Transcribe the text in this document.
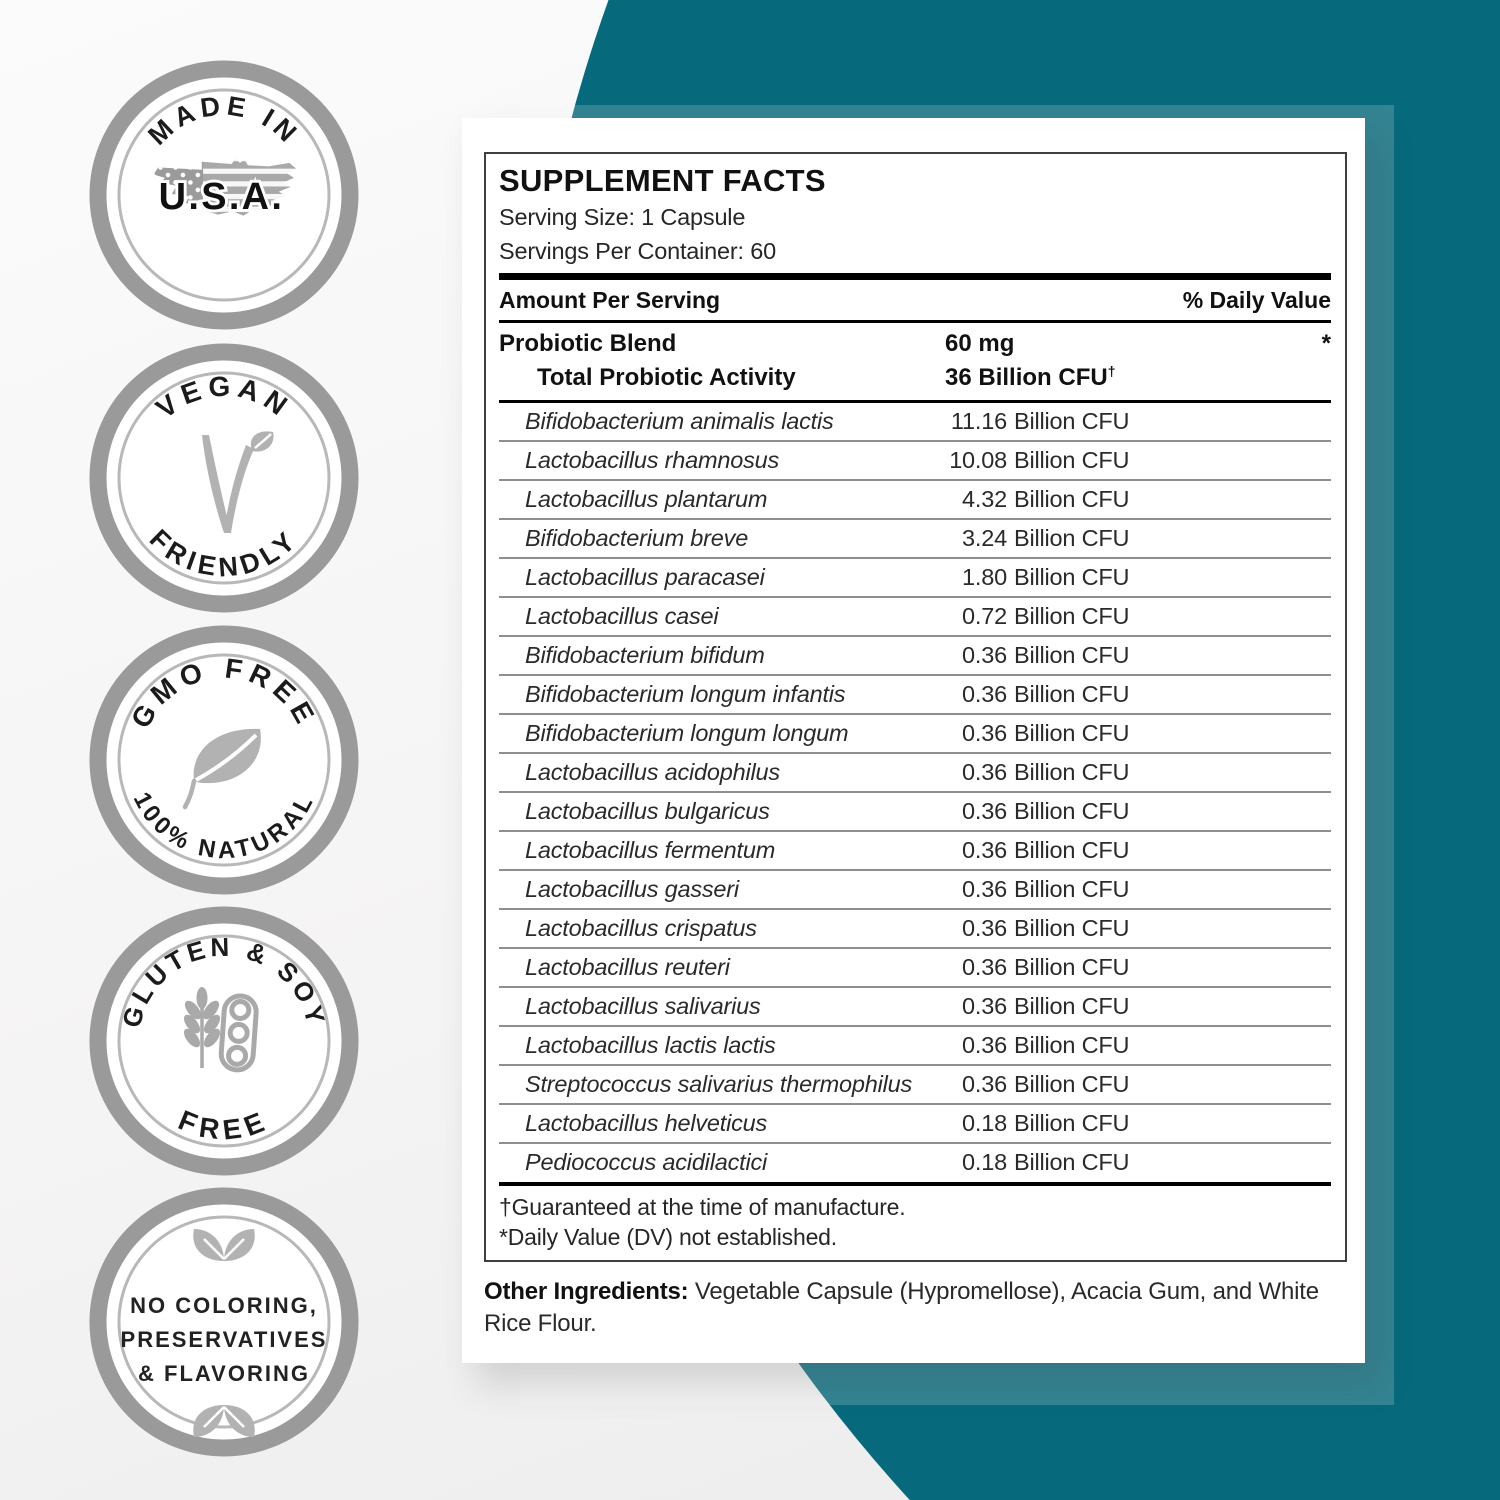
MADE IN
U.S.A.
VEGAN
FRIENDLY
GMO FREE
100% NATURAL
GLUTEN & SOY
FREE
NO COLORING,
PRESERVATIVES
& FLAVORING
SUPPLEMENT FACTS
Serving Size: 1 Capsule
Servings Per Container: 60
Amount Per Serving	% Daily Value
Probiotic Blend	60 mg	*
Total Probiotic Activity	36 Billion CFU†
Bifidobacterium animalis lactis	11.16 Billion CFU
Lactobacillus rhamnosus	10.08 Billion CFU
Lactobacillus plantarum	4.32 Billion CFU
Bifidobacterium breve	3.24 Billion CFU
Lactobacillus paracasei	1.80 Billion CFU
Lactobacillus casei	0.72 Billion CFU
Bifidobacterium bifidum	0.36 Billion CFU
Bifidobacterium longum infantis	0.36 Billion CFU
Bifidobacterium longum longum	0.36 Billion CFU
Lactobacillus acidophilus	0.36 Billion CFU
Lactobacillus bulgaricus	0.36 Billion CFU
Lactobacillus fermentum	0.36 Billion CFU
Lactobacillus gasseri	0.36 Billion CFU
Lactobacillus crispatus	0.36 Billion CFU
Lactobacillus reuteri	0.36 Billion CFU
Lactobacillus salivarius	0.36 Billion CFU
Lactobacillus lactis lactis	0.36 Billion CFU
Streptococcus salivarius thermophilus	0.36 Billion CFU
Lactobacillus helveticus	0.18 Billion CFU
Pediococcus acidilactici	0.18 Billion CFU
†Guaranteed at the time of manufacture.
*Daily Value (DV) not established.
Other Ingredients: Vegetable Capsule (Hypromellose), Acacia Gum, and White Rice Flour.
